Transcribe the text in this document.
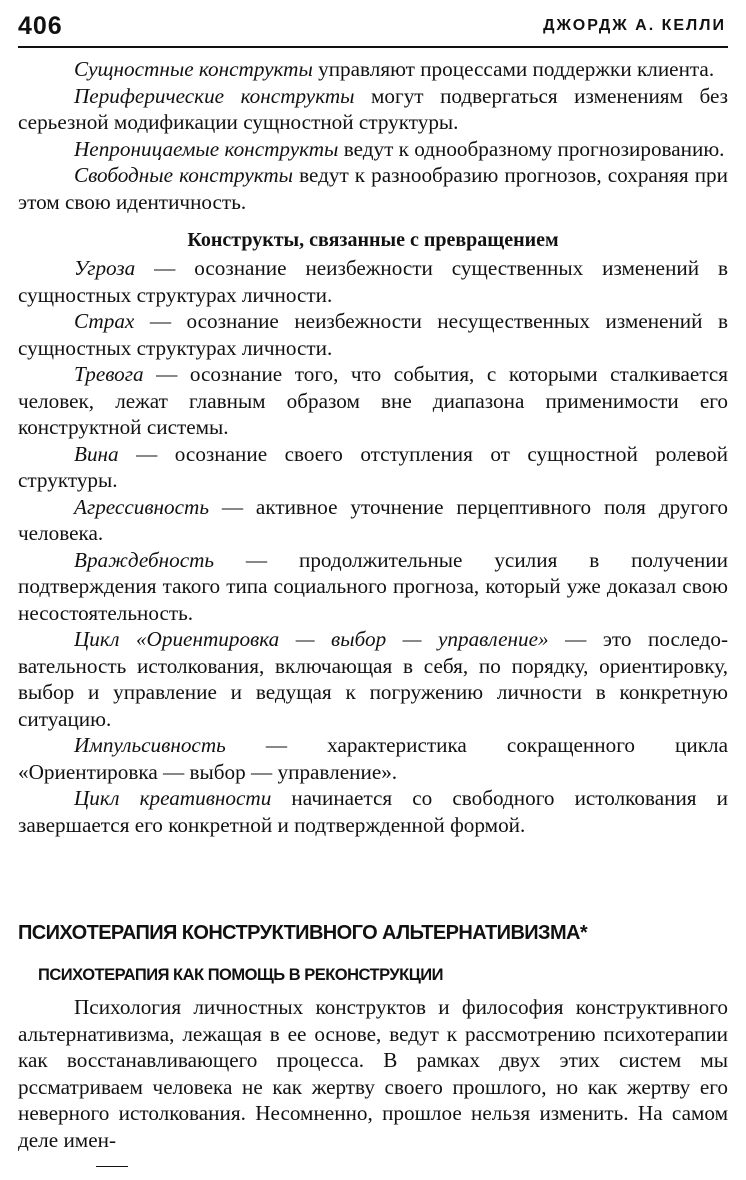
406	ДЖОРДЖ А. КЕЛЛИ

Сущностные конструкты управляют процессами поддержки клиента.

Периферические конструкты могут подвергаться изменениям без серьезной модификации сущностной структуры.

Непроницаемые конструкты ведут к однообразному прогнозированию.

Свободные конструкты ведут к разнообразию прогнозов, сохраняя при этом свою идентичность.

Конструкты, связанные с превращением

Угроза — осознание неизбежности существенных изменений в сущностных структурах личности.

Страх — осознание неизбежности несущественных изменений в сущностных структурах личности.

Тревога — осознание того, что события, с которыми сталкивается человек, лежат главным образом вне диапазона применимости его конструктной системы.

Вина — осознание своего отступления от сущностной ролевой структуры.

Агрессивность — активное уточнение перцептивного поля другого человека.

Враждебность — продолжительные усилия в получении подтверждения такого типа социального прогноза, который уже доказал свою несостоятельность.

Цикл «Ориентировка — выбор — управление» — это последовательность истолкования, включающая в себя, по порядку, ориентировку, выбор и управление и ведущая к погружению личности в конкретную ситуацию.

Импульсивность — характеристика сокращенного цикла «Ориентировка — выбор — управление».

Цикл креативности начинается со свободного истолкования и завершается его конкретной и подтвержденной формой.

ПСИХОТЕРАПИЯ КОНСТРУКТИВНОГО АЛЬТЕРНАТИВИЗМА*
ПСИХОТЕРАПИЯ КАК ПОМОЩЬ В РЕКОНСТРУКЦИИ

Психология личностных конструктов и философия конструктивного альтернативизма, лежащая в ее основе, ведут к рассмотрению психотерапии как восстанавливающего процесса. В рамках двух этих систем мы рссматриваем человека не как жертву своего прошлого, но как жертву его неверного истолкования. Несомненно, прошлое нельзя изменить. На самом деле имен-
